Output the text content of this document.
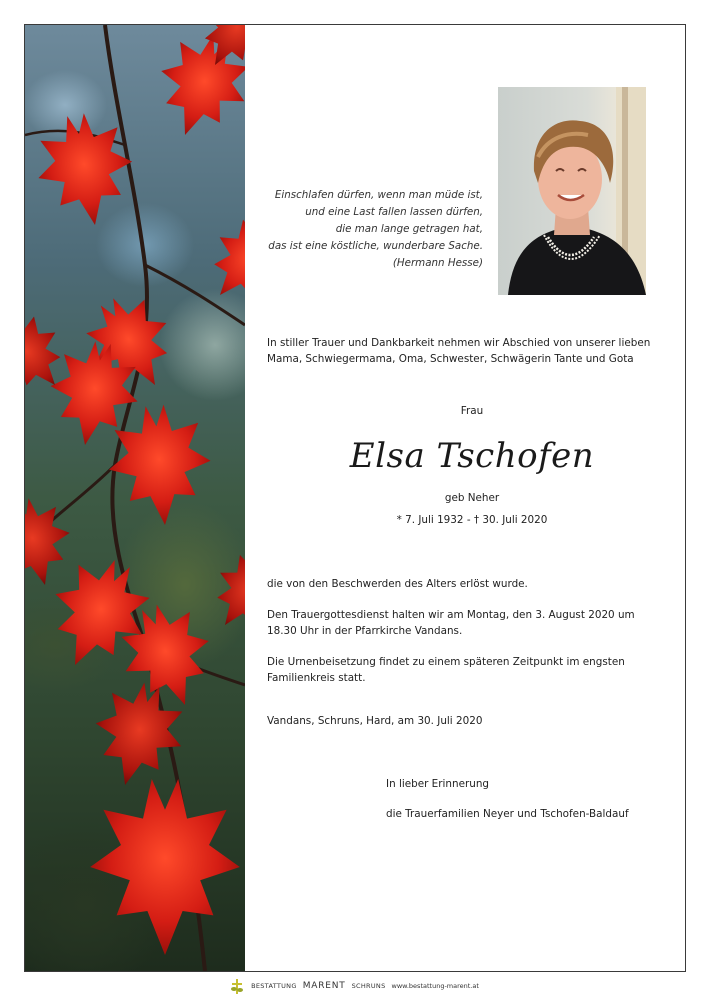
Einschlafen dürfen, wenn man müde ist,
und eine Last fallen lassen dürfen,
die man lange getragen hat,
das ist eine köstliche, wunderbare Sache.
(Hermann Hesse)
In stiller Trauer und Dankbarkeit nehmen wir Abschied von unserer lieben
Mama, Schwiegermama, Oma, Schwester, Schwägerin Tante und Gota
Frau
Elsa Tschofen
geb Neher
* 7. Juli 1932 - † 30. Juli 2020
die von den Beschwerden des Alters erlöst wurde.
Den Trauergottesdienst halten wir am Montag, den 3. August 2020 um
18.30 Uhr in der Pfarrkirche Vandans.
Die Urnenbeisetzung findet zu einem späteren Zeitpunkt im engsten
Familienkreis statt.
Vandans, Schruns, Hard, am 30. Juli 2020
In lieber Erinnerung
die Trauerfamilien Neyer und Tschofen-Baldauf
BESTATTUNG MARENT SCHRUNS www.bestattung-marent.at
